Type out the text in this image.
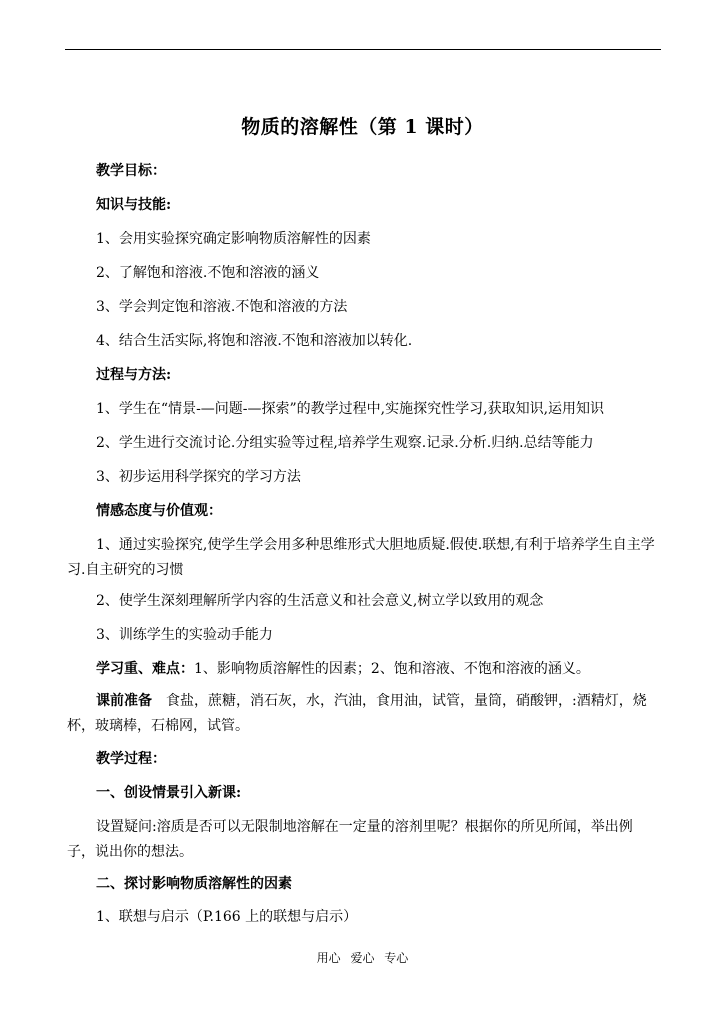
物质的溶解性（第 1 课时）
教学目标：
知识与技能:
1、会用实验探究确定影响物质溶解性的因素
2、了解饱和溶液.不饱和溶液的涵义
3、学会判定饱和溶液.不饱和溶液的方法
4、结合生活实际,将饱和溶液.不饱和溶液加以转化.
过程与方法:
1、学生在“情景-—问题-—探索”的教学过程中,实施探究性学习,获取知识,运用知识
2、学生进行交流讨论.分组实验等过程,培养学生观察.记录.分析.归纳.总结等能力
3、初步运用科学探究的学习方法
情感态度与价值观：
1、通过实验探究,使学生学会用多种思维形式大胆地质疑.假使.联想,有利于培养学生自主学习.自主研究的习惯
2、使学生深刻理解所学内容的生活意义和社会意义,树立学以致用的观念
3、训练学生的实验动手能力
学习重、难点：1、影响物质溶解性的因素；2、饱和溶液、不饱和溶液的涵义。
课前准备　食盐，蔗糖，消石灰，水，汽油，食用油，试管，量筒，硝酸钾，:酒精灯，烧杯，玻璃棒，石棉网，试管。
教学过程：
一、创设情景引入新课:
设置疑问:溶质是否可以无限制地溶解在一定量的溶剂里呢？根据你的所见所闻，举出例子，说出你的想法。
二、探讨影响物质溶解性的因素
1、联想与启示（P.166 上的联想与启示）
用心 爱心 专心
